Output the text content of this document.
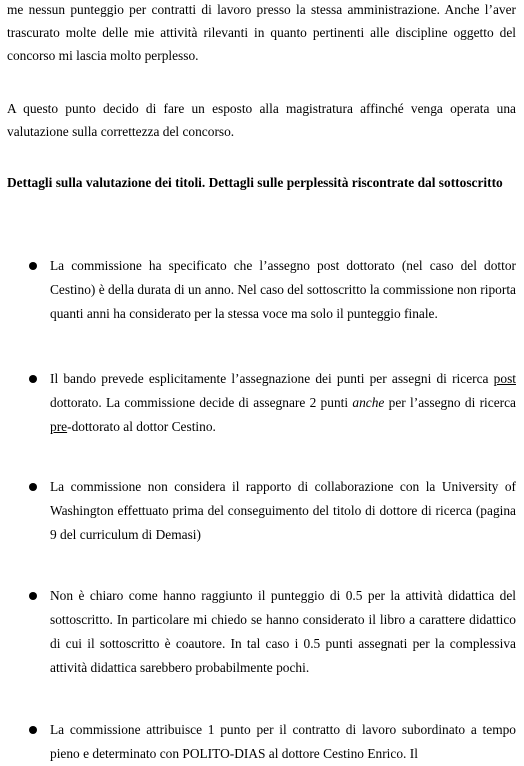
me nessun punteggio per contratti di lavoro presso la stessa amministrazione. Anche l’aver trascurato molte delle mie attività rilevanti in quanto pertinenti alle discipline oggetto del concorso mi lascia molto perplesso.

A questo punto decido di fare un esposto alla magistratura affinché venga operata una valutazione sulla correttezza del concorso.

Dettagli sulla valutazione dei titoli. Dettagli sulle perplessità riscontrate dal sottoscritto

La commissione ha specificato che l’assegno post dottorato (nel caso del dottor Cestino) è della durata di un anno. Nel caso del sottoscritto la commissione non riporta quanti anni ha considerato per la stessa voce ma solo il punteggio finale.

Il bando prevede esplicitamente l’assegnazione dei punti per assegni di ricerca post dottorato. La commissione decide di assegnare 2 punti anche per l’assegno di ricerca pre-dottorato al dottor Cestino.

La commissione non considera il rapporto di collaborazione con la University of Washington effettuato prima del conseguimento del titolo di dottore di ricerca (pagina 9 del curriculum di Demasi)

Non è chiaro come hanno raggiunto il punteggio di 0.5 per la attività didattica del sottoscritto. In particolare mi chiedo se hanno considerato il libro a carattere didattico di cui il sottoscritto è coautore. In tal caso i 0.5 punti assegnati per la complessiva attività didattica sarebbero probabilmente pochi.

La commissione attribuisce 1 punto per il contratto di lavoro subordinato a tempo pieno e determinato con POLITO-DIAS al dottore Cestino Enrico. Il
